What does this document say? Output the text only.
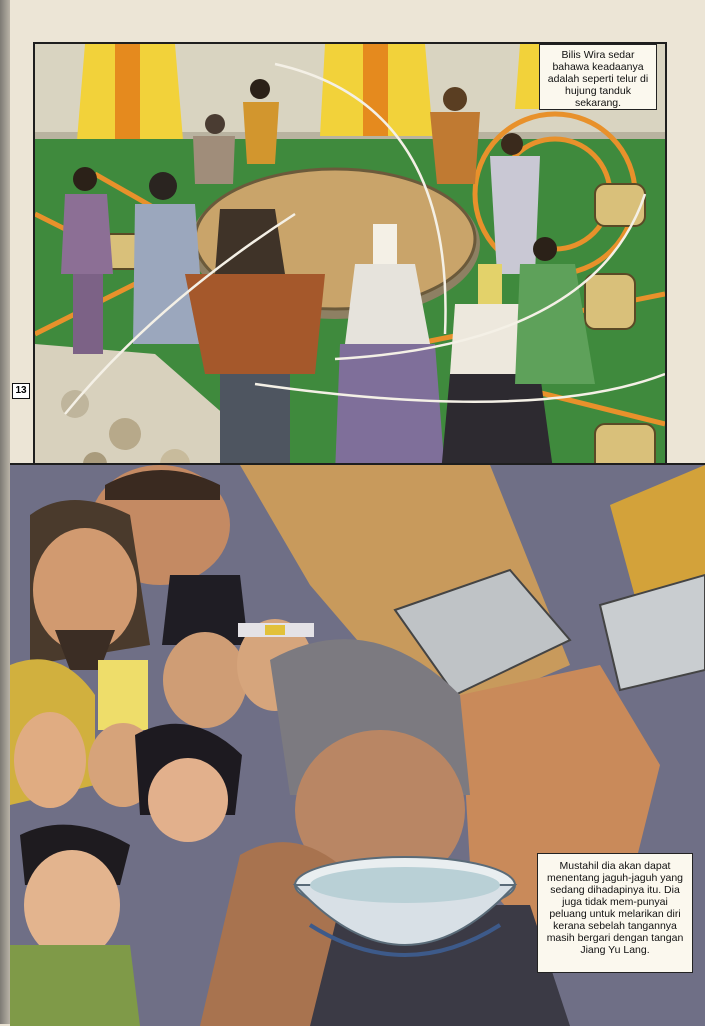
Bilis Wira sedar bahawa keadaanya adalah seperti telur di hujung tanduk sekarang.
13
Mustahil dia akan dapat menentang jaguh-jaguh yang sedang dihadapinya itu. Dia juga tidak mem-punyai peluang untuk melarikan diri kerana sebelah tangannya masih bergari dengan tangan Jiang Yu Lang.
